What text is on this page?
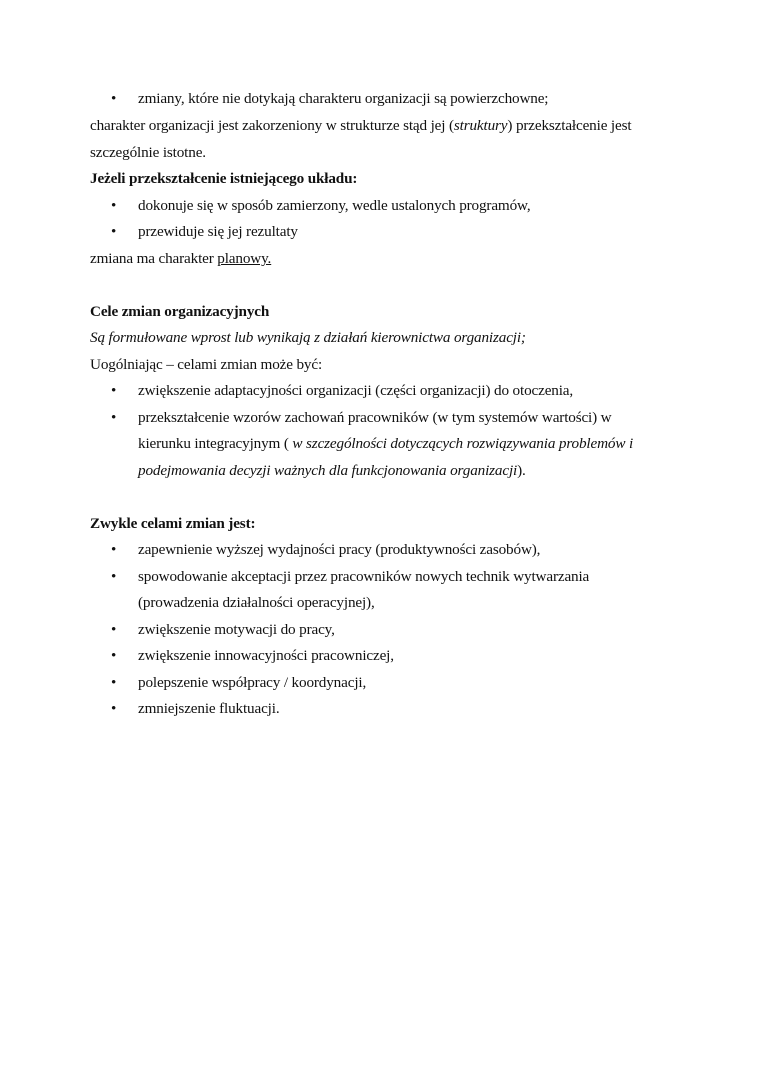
• zmiany, które nie dotykają charakteru organizacji są powierzchowne;
charakter organizacji jest zakorzeniony w strukturze stąd jej (struktury) przekształcenie jest
szczególnie istotne.
Jeżeli przekształcenie istniejącego układu:
• dokonuje się w sposób zamierzony, wedle ustalonych programów,
• przewiduje się jej rezultaty
zmiana ma charakter planowy.
Cele zmian organizacyjnych
Są formułowane wprost lub wynikają z działań kierownictwa organizacji;
Uogólniając – celami zmian może być:
• zwiększenie adaptacyjności organizacji (części organizacji) do otoczenia,
• przekształcenie wzorów zachowań pracowników (w tym systemów wartości) w
kierunku integracyjnym ( w szczególności dotyczących rozwiązywania problemów i
podejmowania decyzji ważnych dla funkcjonowania organizacji).
Zwykle celami zmian jest:
• zapewnienie wyższej wydajności pracy (produktywności zasobów),
• spowodowanie akceptacji przez pracowników nowych technik wytwarzania
(prowadzenia działalności operacyjnej),
• zwiększenie motywacji do pracy,
• zwiększenie innowacyjności pracowniczej,
• polepszenie współpracy / koordynacji,
• zmniejszenie fluktuacji.
